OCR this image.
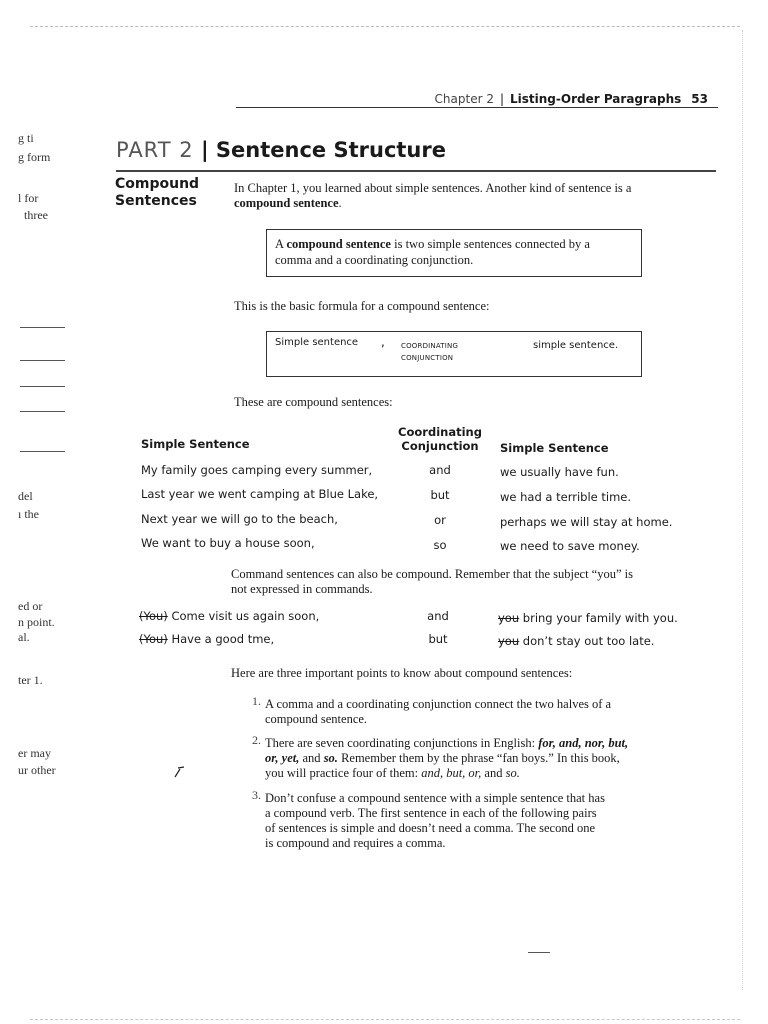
Chapter 2 | Listing-Order Paragraphs 53
g ti
g form
l for
three
del
ı the
ed or
n point.
al.
ter 1.
er may
ur other
PART 2 | Sentence Structure
Compound
Sentences
In Chapter 1, you learned about simple sentences. Another kind of sentence is a
compound sentence.

A compound sentence is two simple sentences connected by a
comma and a coordinating conjunction.

This is the basic formula for a compound sentence:
Simple sentence , COORDINATING
CONJUNCTION
simple sentence.
These are compound sentences:
Simple Sentence
Coordinating
Conjunction	Simple Sentence
My family goes camping every summer,	and	we usually have fun.
Last year we went camping at Blue Lake,	but	we had a terrible time.
Next year we will go to the beach,	or	perhaps we will stay at home.
We want to buy a house soon,	so	we need to save money.
Command sentences can also be compound. Remember that the subject “you” is
not expressed in commands.
(You) Come visit us again soon,	and	you bring your family with you.
(You) Have a good tme,	but	you don’t stay out too late.
Here are three important points to know about compound sentences:
1. A comma and a coordinating conjunction connect the two halves of a
compound sentence.
2. There are seven coordinating conjunctions in English: for, and, nor, but,
or, yet, and so. Remember them by the phrase “fan boys.” In this book,
you will practice four of them: and, but, or, and so.
3. Don’t confuse a compound sentence with a simple sentence that has
a compound verb. The first sentence in each of the following pairs
of sentences is simple and doesn’t need a comma. The second one
is compound and requires a comma.
